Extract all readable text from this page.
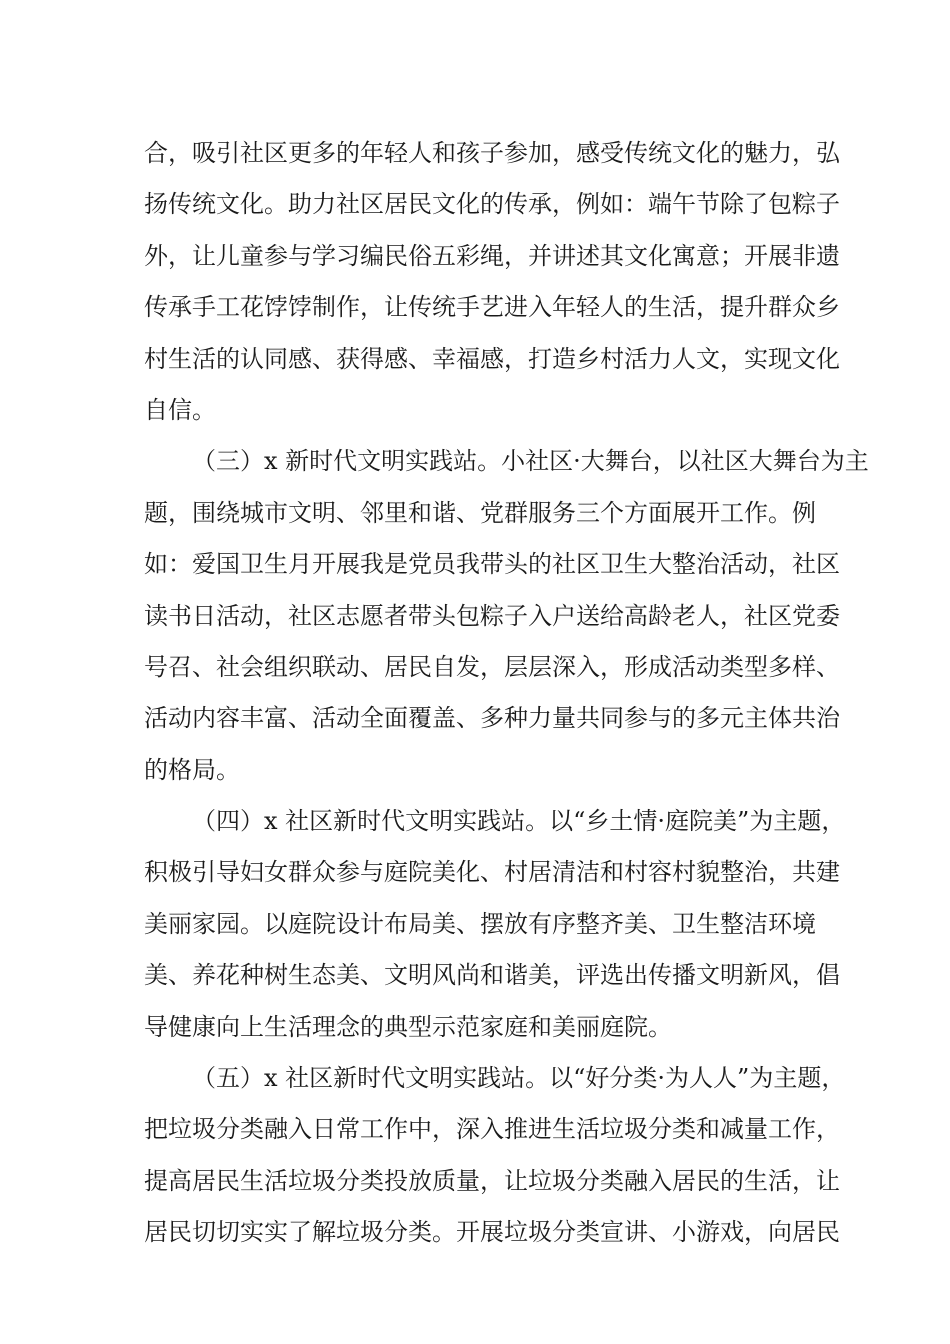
合，吸引社区更多的年轻人和孩子参加，感受传统文化的魅力，弘
扬传统文化。助力社区居民文化的传承，例如：端午节除了包粽子
外，让儿童参与学习编民俗五彩绳，并讲述其文化寓意；开展非遗
传承手工花饽饽制作，让传统手艺进入年轻人的生活，提升群众乡
村生活的认同感、获得感、幸福感，打造乡村活力人文，实现文化
自信。
（三）x 新时代文明实践站。小社区·大舞台，以社区大舞台为主
题，围绕城市文明、邻里和谐、党群服务三个方面展开工作。例
如：爱国卫生月开展我是党员我带头的社区卫生大整治活动，社区
读书日活动，社区志愿者带头包粽子入户送给高龄老人，社区党委
号召、社会组织联动、居民自发，层层深入，形成活动类型多样、
活动内容丰富、活动全面覆盖、多种力量共同参与的多元主体共治
的格局。
（四）x 社区新时代文明实践站。以“乡土情·庭院美”为主题，
积极引导妇女群众参与庭院美化、村居清洁和村容村貌整治，共建
美丽家园。以庭院设计布局美、摆放有序整齐美、卫生整洁环境
美、养花种树生态美、文明风尚和谐美，评选出传播文明新风，倡
导健康向上生活理念的典型示范家庭和美丽庭院。
（五）x 社区新时代文明实践站。以“好分类·为人人”为主题，
把垃圾分类融入日常工作中，深入推进生活垃圾分类和减量工作，
提高居民生活垃圾分类投放质量，让垃圾分类融入居民的生活，让
居民切切实实了解垃圾分类。开展垃圾分类宣讲、小游戏，向居民
